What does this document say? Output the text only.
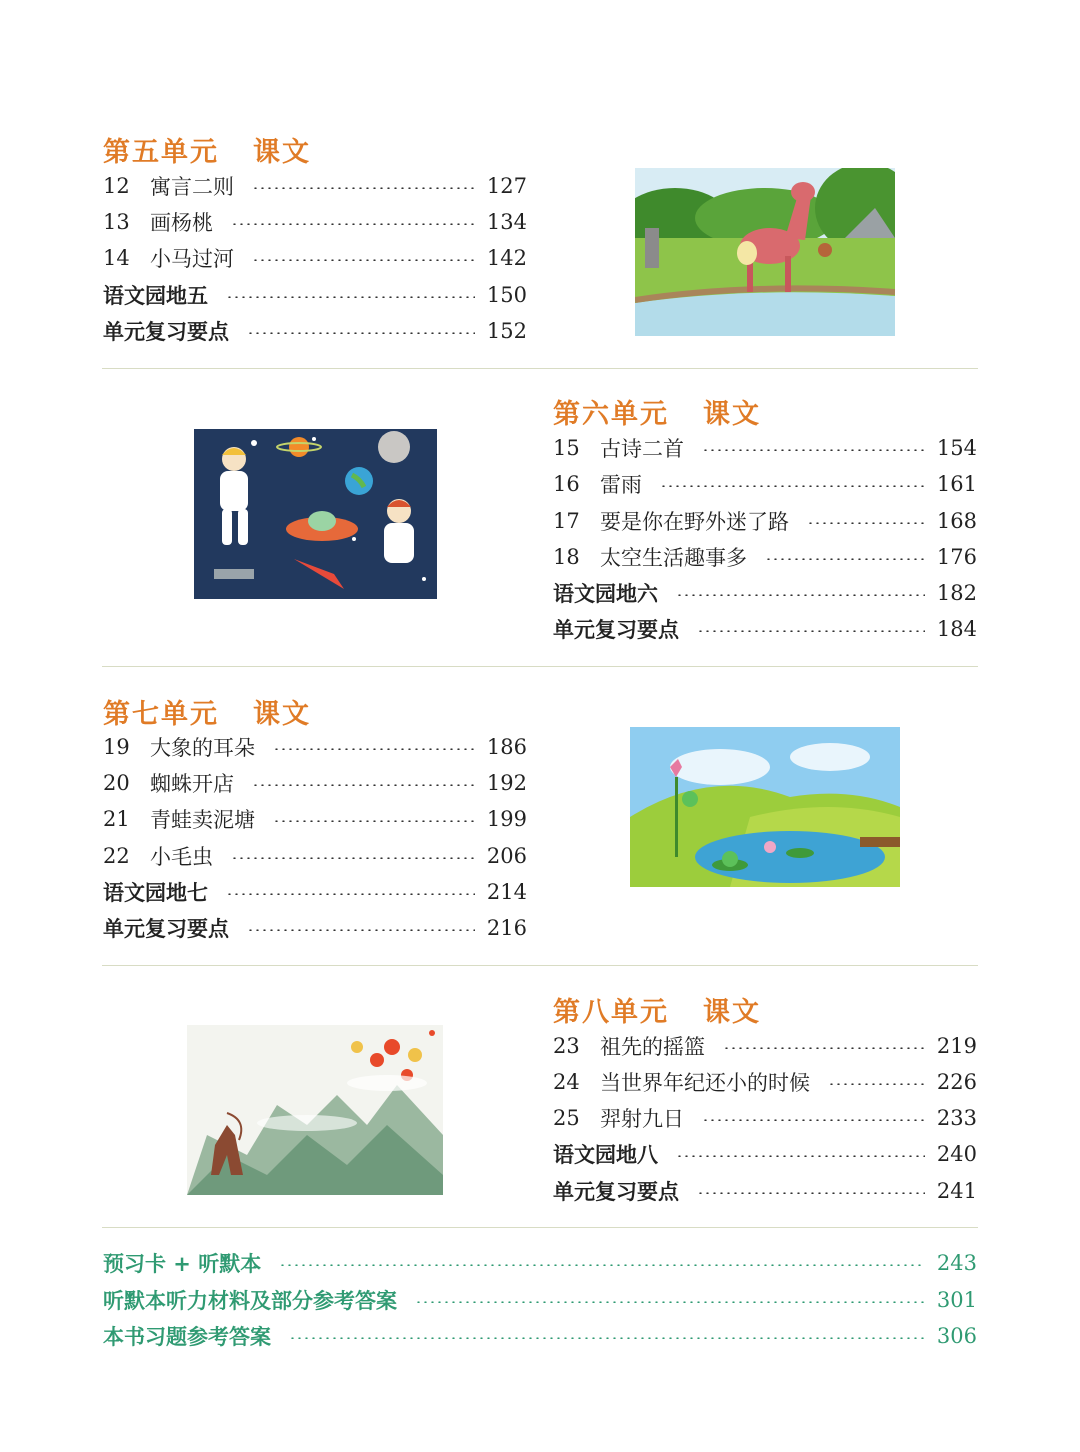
第五单元 课文
12 寓言二则	127
13 画杨桃	134
14 小马过河	142
语文园地五	150
单元复习要点	152
第六单元 课文
15 古诗二首	154
16 雷雨	161
17 要是你在野外迷了路	168
18 太空生活趣事多	176
语文园地六	182
单元复习要点	184
第七单元 课文
19 大象的耳朵	186
20 蜘蛛开店	192
21 青蛙卖泥塘	199
22 小毛虫	206
语文园地七	214
单元复习要点	216
第八单元 课文
23 祖先的摇篮	219
24 当世界年纪还小的时候	226
25 羿射九日	233
语文园地八	240
单元复习要点	241
预习卡 + 听默本	243
听默本听力材料及部分参考答案	301
本书习题参考答案	306
